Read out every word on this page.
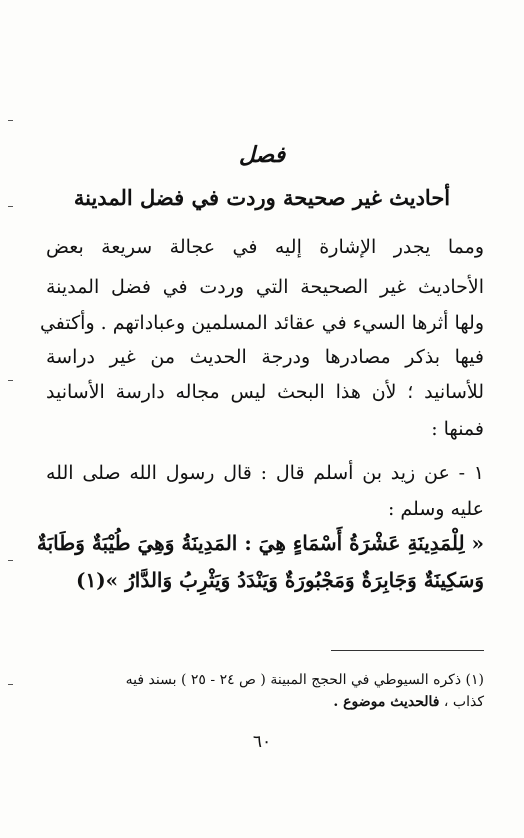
فصل
أحاديث غير صحيحة وردت في فضل المدينة
ومما يجدر الإشارة إليه في عجالة سريعة بعض
الأحاديث غير الصحيحة التي وردت في فضل المدينة
ولها أثرها السيء في عقائد المسلمين وعباداتهم . وأكتفي
فيها بذكر مصادرها ودرجة الحديث من غير دراسة
للأسانيد ؛ لأن هذا البحث ليس مجاله دارسة الأسانيد
فمنها :
١ - عن زيد بن أسلم قال : قال رسول الله صلى الله
عليه وسلم :
« لِلْمَدِينَةِ عَشْرَةُ أَسْمَاءٍ هِيَ : المَدِينَةُ وَهِيَ طُيْبَةٌ وَطَابَةٌ
وَسَكِينَةٌ وَجَابِرَةٌ وَمَجْبُورَةٌ وَيَنْدَدُ وَيَثْرِبُ وَالدَّارُ »(١)
(١) ذكره السيوطي في الحجج المبينة ( ص ٢٤ - ٢٥ ) بسند فيه
كذاب ، فالحديث موضوع .
٦٠
